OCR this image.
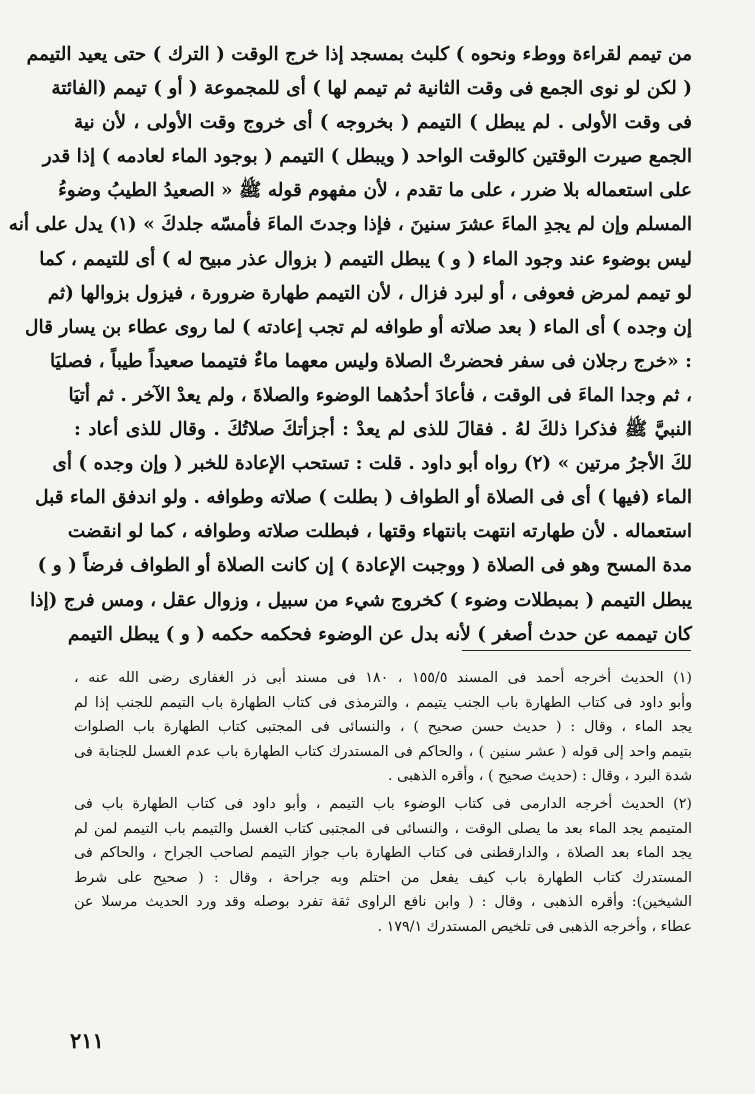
من تيمم لقراءة ووطء ونحوه ) كلبث بمسجد إذا خرج الوقت ( الترك ) حتى يعيد التيمم
( لكن لو نوى الجمع فى وقت الثانية ثم تيمم لها ) أى للمجموعة ( أو ) تيمم (الفائتة
فى وقت الأولى . لم يبطل ) التيمم ( بخروجه ) أى خروج وقت الأولى ، لأن نية
الجمع صيرت الوقتين كالوقت الواحد ( ويبطل ) التيمم ( بوجود الماء لعادمه ) إذا قدر
على استعماله بلا ضرر ، على ما تقدم ، لأن مفهوم قوله ﷺ « الصعيدُ الطيبُ وضوءُ
المسلم وإن لم يجدِ الماءَ عشرَ سنينَ ، فإذا وجدتَ الماءَ فأمسّه جلدكَ » (١) يدل على أنه
ليس بوضوء عند وجود الماء ( و ) يبطل التيمم ( بزوال عذر مبيح له ) أى للتيمم ، كما
لو تيمم لمرض فعوفى ، أو لبرد فزال ، لأن التيمم طهارة ضرورة ، فيزول بزوالها (ثم
إن وجده ) أى الماء ( بعد صلاته أو طوافه لم تجب إعادته ) لما روى عطاء بن يسار قال
: «خرج رجلان فى سفر فحضرتْ الصلاة وليس معهما ماءٌ فتيمما صعيداً طيباً ، فصليَا
، ثم وجدا الماءَ فى الوقت ، فأعادَ أحدُهما الوضوء والصلاةَ ، ولم يعدْ الآخر . ثم أتيَا
النبيَّ ﷺ فذكرا ذلكَ لهُ . فقالَ للذى لم يعدْ : أجزأتكَ صلاتُكَ . وقال للذى أعاد :
لكَ الأجرُ مرتين » (٢) رواه أبو داود . قلت : تستحب الإعادة للخبر ( وإن وجده ) أى
الماء (فيها ) أى فى الصلاة أو الطواف ( بطلت ) صلاته وطوافه . ولو اندفق الماء قبل
استعماله . لأن طهارته انتهت بانتهاء وقتها ، فبطلت صلاته وطوافه ، كما لو انقضت
مدة المسح وهو فى الصلاة ( ووجبت الإعادة ) إن كانت الصلاة أو الطواف فرضاً ( و )
يبطل التيمم ( بمبطلات وضوء ) كخروج شيء من سبيل ، وزوال عقل ، ومس فرج (إذا
كان تيممه عن حدث أصغر ) لأنه بدل عن الوضوء فحكمه حكمه ( و ) يبطل التيمم
(١) الحديث أخرجه أحمد فى المسند ١٥٥/٥ ، ١٨٠ فى مسند أبى ذر الغفارى رضى الله عنه ،
وأبو داود فى كتاب الطهارة باب الجنب يتيمم ، والترمذى فى كتاب الطهارة باب التيمم للجنب إذا لم
يجد الماء ، وقال : ( حديث حسن صحيح ) ، والنسائى فى المجتبى كتاب الطهارة باب الصلوات
بتيمم واحد إلى قوله ( عشر سنين ) ، والحاكم فى المستدرك كتاب الطهارة باب عدم الغسل للجنابة فى
شدة البرد ، وقال : (حديث صحيح ) ، وأقره الذهبى .
(٢) الحديث أخرجه الدارمى فى كتاب الوضوء باب التيمم ، وأبو داود فى كتاب الطهارة باب فى
المتيمم يجد الماء بعد ما يصلى الوقت ، والنسائى فى المجتبى كتاب الغسل والتيمم باب التيمم لمن لم
يجد الماء بعد الصلاة ، والدارقطنى فى كتاب الطهارة باب جواز التيمم لصاحب الجراح ، والحاكم فى
المستدرك كتاب الطهارة باب كيف يفعل من احتلم وبه جراحة ، وقال : ( صحيح على شرط
الشيخين): وأقره الذهبى ، وقال : ( وابن نافع الراوى ثقة تفرد بوصله وقد ورد الحديث مرسلا عن
عطاء ، وأخرجه الذهبى فى تلخيص المستدرك ١٧٩/١ .
٢١١
